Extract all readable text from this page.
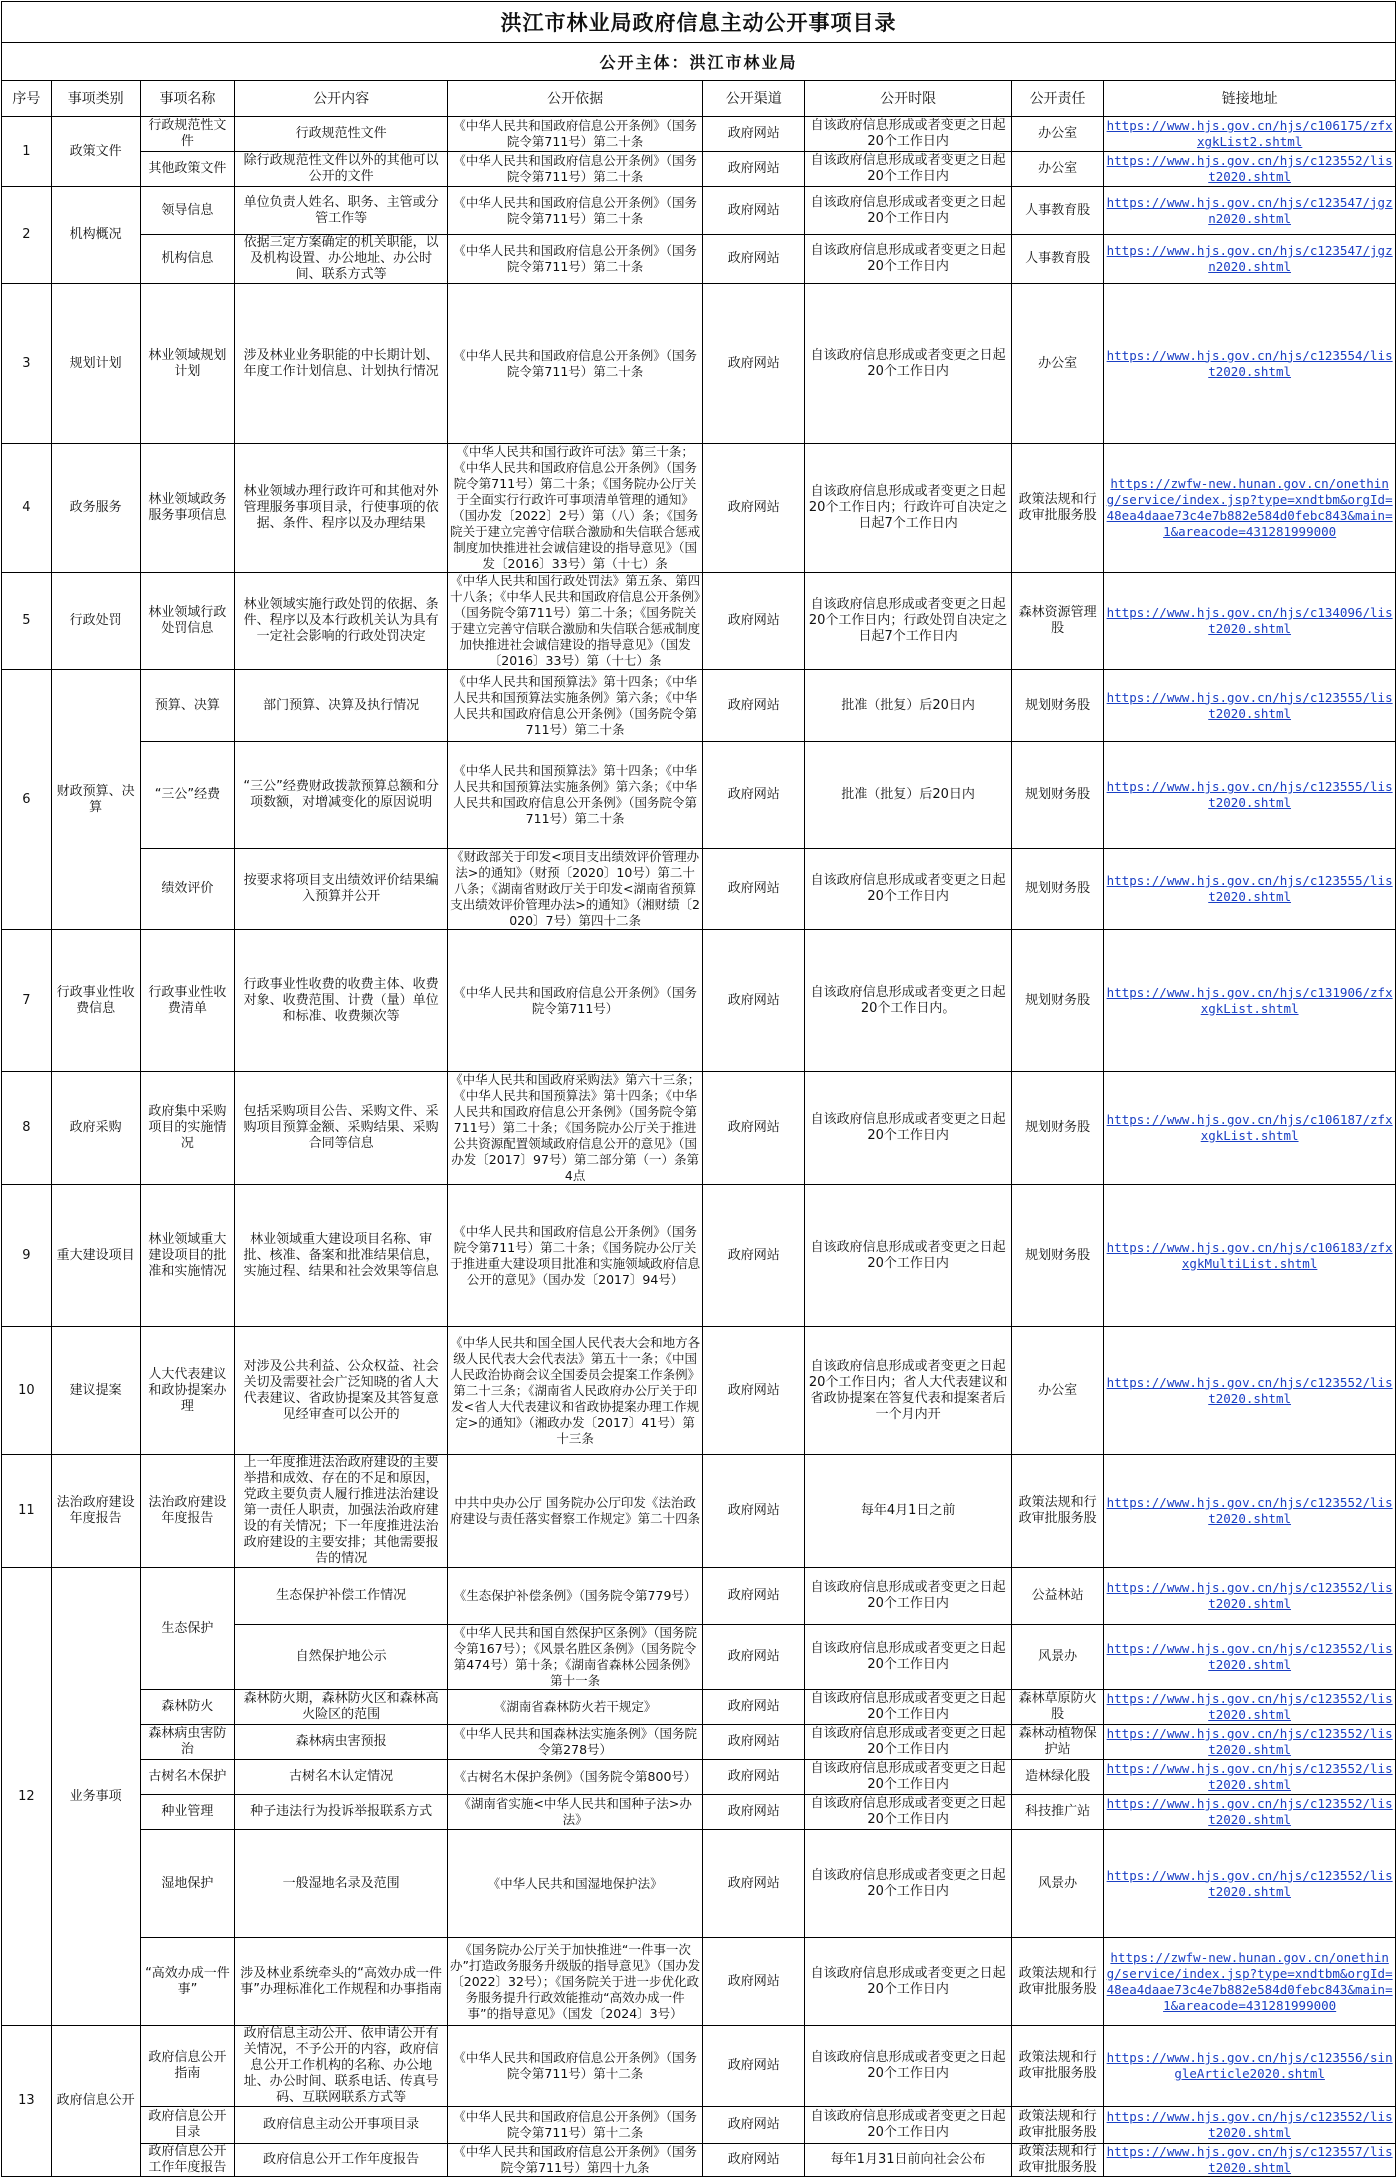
洪江市林业局政府信息主动公开事项目录
公开主体：洪江市林业局
序号	事项类别	事项名称	公开内容	公开依据	公开渠道	公开时限	公开责任	链接地址
1	政策文件	行政规范性文件	行政规范性文件	《中华人民共和国政府信息公开条例》（国务院令第711号）第二十条	政府网站	自该政府信息形成或者变更之日起20个工作日内	办公室	https://www.hjs.gov.cn/hjs/c106175/zfxxgkList2.shtml
		其他政策文件	除行政规范性文件以外的其他可以公开的文件	《中华人民共和国政府信息公开条例》（国务院令第711号）第二十条	政府网站	自该政府信息形成或者变更之日起20个工作日内	办公室	https://www.hjs.gov.cn/hjs/c123552/list2020.shtml
2	机构概况	领导信息	单位负责人姓名、职务、主管或分管工作等	《中华人民共和国政府信息公开条例》（国务院令第711号）第二十条	政府网站	自该政府信息形成或者变更之日起20个工作日内	人事教育股	https://www.hjs.gov.cn/hjs/c123547/jgzn2020.shtml
		机构信息	依据三定方案确定的机关职能，以及机构设置、办公地址、办公时间、联系方式等	《中华人民共和国政府信息公开条例》（国务院令第711号）第二十条	政府网站	自该政府信息形成或者变更之日起20个工作日内	人事教育股	https://www.hjs.gov.cn/hjs/c123547/jgzn2020.shtml
3	规划计划	林业领域规划计划	涉及林业业务职能的中长期计划、年度工作计划信息、计划执行情况	《中华人民共和国政府信息公开条例》（国务院令第711号）第二十条	政府网站	自该政府信息形成或者变更之日起20个工作日内	办公室	https://www.hjs.gov.cn/hjs/c123554/list2020.shtml
4	政务服务	林业领域政务服务事项信息	林业领域办理行政许可和其他对外管理服务事项目录，行使事项的依据、条件、程序以及办理结果	《中华人民共和国行政许可法》第三十条；《中华人民共和国政府信息公开条例》（国务院令第711号）第二十条；《国务院办公厅关于全面实行行政许可事项清单管理的通知》（国办发〔2022〕2号）第（八）条；《国务院关于建立完善守信联合激励和失信联合惩戒制度加快推进社会诚信建设的指导意见》（国发〔2016〕33号）第（十七）条	政府网站	自该政府信息形成或者变更之日起20个工作日内；行政许可自决定之日起7个工作日内	政策法规和行政审批服务股	https://zwfw-new.hunan.gov.cn/onething/service/index.jsp?type=xndtbm&orgId=48ea4daae73c4e7b882e584d0febc843&main=1&areacode=431281999000
5	行政处罚	林业领域行政处罚信息	林业领域实施行政处罚的依据、条件、程序以及本行政机关认为具有一定社会影响的行政处罚决定	《中华人民共和国行政处罚法》第五条、第四十八条；《中华人民共和国政府信息公开条例》（国务院令第711号）第二十条；《国务院关于建立完善守信联合激励和失信联合惩戒制度加快推进社会诚信建设的指导意见》（国发〔2016〕33号）第（十七）条	政府网站	自该政府信息形成或者变更之日起20个工作日内；行政处罚自决定之日起7个工作日内	森林资源管理股	https://www.hjs.gov.cn/hjs/c134096/list2020.shtml
6	财政预算、决算	预算、决算	部门预算、决算及执行情况	《中华人民共和国预算法》第十四条；《中华人民共和国预算法实施条例》第六条；《中华人民共和国政府信息公开条例》（国务院令第711号）第二十条	政府网站	批准（批复）后20日内	规划财务股	https://www.hjs.gov.cn/hjs/c123555/list2020.shtml
		“三公”经费	“三公”经费财政拨款预算总额和分项数额，对增减变化的原因说明	《中华人民共和国预算法》第十四条；《中华人民共和国预算法实施条例》第六条；《中华人民共和国政府信息公开条例》（国务院令第711号）第二十条	政府网站	批准（批复）后20日内	规划财务股	https://www.hjs.gov.cn/hjs/c123555/list2020.shtml
		绩效评价	按要求将项目支出绩效评价结果编入预算并公开	《财政部关于印发<项目支出绩效评价管理办法>的通知》（财预〔2020〕10号）第二十八条；《湖南省财政厅关于印发<湖南省预算支出绩效评价管理办法>的通知》（湘财绩〔2020〕7号）第四十二条	政府网站	自该政府信息形成或者变更之日起20个工作日内	规划财务股	https://www.hjs.gov.cn/hjs/c123555/list2020.shtml
7	行政事业性收费信息	行政事业性收费清单	行政事业性收费的收费主体、收费对象、收费范围、计费（量）单位和标准、收费频次等	《中华人民共和国政府信息公开条例》（国务院令第711号）	政府网站	自该政府信息形成或者变更之日起20个工作日内。	规划财务股	https://www.hjs.gov.cn/hjs/c131906/zfxxgkList.shtml
8	政府采购	政府集中采购项目的实施情况	包括采购项目公告、采购文件、采购项目预算金额、采购结果、采购合同等信息	《中华人民共和国政府采购法》第六十三条；《中华人民共和国预算法》第十四条；《中华人民共和国政府信息公开条例》（国务院令第711号）第二十条；《国务院办公厅关于推进公共资源配置领域政府信息公开的意见》（国办发〔2017〕97号）第二部分第（一）条第4点	政府网站	自该政府信息形成或者变更之日起20个工作日内	规划财务股	https://www.hjs.gov.cn/hjs/c106187/zfxxgkList.shtml
9	重大建设项目	林业领域重大建设项目的批准和实施情况	林业领域重大建设项目名称、审批、核准、备案和批准结果信息，实施过程、结果和社会效果等信息	《中华人民共和国政府信息公开条例》（国务院令第711号）第二十条；《国务院办公厅关于推进重大建设项目批准和实施领域政府信息公开的意见》（国办发〔2017〕94号）	政府网站	自该政府信息形成或者变更之日起20个工作日内	规划财务股	https://www.hjs.gov.cn/hjs/c106183/zfxxgkMultiList.shtml
10	建议提案	人大代表建议和政协提案办理	对涉及公共利益、公众权益、社会关切及需要社会广泛知晓的省人大代表建议、省政协提案及其答复意见经审查可以公开的	《中华人民共和国全国人民代表大会和地方各级人民代表大会代表法》第五十一条；《中国人民政治协商会议全国委员会提案工作条例》第二十三条；《湖南省人民政府办公厅关于印发<省人大代表建议和省政协提案办理工作规定>的通知》（湘政办发〔2017〕41号）第十三条	政府网站	自该政府信息形成或者变更之日起20个工作日内；省人大代表建议和省政协提案在答复代表和提案者后一个月内开	办公室	https://www.hjs.gov.cn/hjs/c123552/list2020.shtml
11	法治政府建设年度报告	法治政府建设年度报告	上一年度推进法治政府建设的主要举措和成效、存在的不足和原因，党政主要负责人履行推进法治建设第一责任人职责，加强法治政府建设的有关情况；下一年度推进法治政府建设的主要安排；其他需要报告的情况	中共中央办公厅 国务院办公厅印发《法治政府建设与责任落实督察工作规定》第二十四条	政府网站	每年4月1日之前	政策法规和行政审批服务股	https://www.hjs.gov.cn/hjs/c123552/list2020.shtml
12	业务事项	生态保护	生态保护补偿工作情况	《生态保护补偿条例》（国务院令第779号）	政府网站	自该政府信息形成或者变更之日起20个工作日内	公益林站	https://www.hjs.gov.cn/hjs/c123552/list2020.shtml
			自然保护地公示	《中华人民共和国自然保护区条例》（国务院令第167号）；《风景名胜区条例》（国务院令第474号）第十条；《湖南省森林公园条例》第十一条	政府网站	自该政府信息形成或者变更之日起20个工作日内	风景办	https://www.hjs.gov.cn/hjs/c123552/list2020.shtml
		森林防火	森林防火期，森林防火区和森林高火险区的范围	《湖南省森林防火若干规定》	政府网站	自该政府信息形成或者变更之日起20个工作日内	森林草原防火股	https://www.hjs.gov.cn/hjs/c123552/list2020.shtml
		森林病虫害防治	森林病虫害预报	《中华人民共和国森林法实施条例》（国务院令第278号）	政府网站	自该政府信息形成或者变更之日起20个工作日内	森林动植物保护站	https://www.hjs.gov.cn/hjs/c123552/list2020.shtml
		古树名木保护	古树名木认定情况	《古树名木保护条例》（国务院令第800号）	政府网站	自该政府信息形成或者变更之日起20个工作日内	造林绿化股	https://www.hjs.gov.cn/hjs/c123552/list2020.shtml
		种业管理	种子违法行为投诉举报联系方式	《湖南省实施<中华人民共和国种子法>办法》	政府网站	自该政府信息形成或者变更之日起20个工作日内	科技推广站	https://www.hjs.gov.cn/hjs/c123552/list2020.shtml
		湿地保护	一般湿地名录及范围	《中华人民共和国湿地保护法》	政府网站	自该政府信息形成或者变更之日起20个工作日内	风景办	https://www.hjs.gov.cn/hjs/c123552/list2020.shtml
		“高效办成一件事”	涉及林业系统牵头的“高效办成一件事”办理标准化工作规程和办事指南	《国务院办公厅关于加快推进“一件事一次办”打造政务服务升级版的指导意见》（国办发〔2022〕32号）；《国务院关于进一步优化政务服务提升行政效能推动“高效办成一件事”的指导意见》（国发〔2024〕3号）	政府网站	自该政府信息形成或者变更之日起20个工作日内	政策法规和行政审批服务股	https://zwfw-new.hunan.gov.cn/onething/service/index.jsp?type=xndtbm&orgId=48ea4daae73c4e7b882e584d0febc843&main=1&areacode=431281999000
13	政府信息公开	政府信息公开指南	政府信息主动公开、依申请公开有关情况，不予公开的内容，政府信息公开工作机构的名称、办公地址、办公时间、联系电话、传真号码、互联网联系方式等	《中华人民共和国政府信息公开条例》（国务院令第711号）第十二条	政府网站	自该政府信息形成或者变更之日起20个工作日内	政策法规和行政审批服务股	https://www.hjs.gov.cn/hjs/c123556/singleArticle2020.shtml
		政府信息公开目录	政府信息主动公开事项目录	《中华人民共和国政府信息公开条例》（国务院令第711号）第十二条	政府网站	自该政府信息形成或者变更之日起20个工作日内	政策法规和行政审批服务股	https://www.hjs.gov.cn/hjs/c123552/list2020.shtml
		政府信息公开工作年度报告	政府信息公开工作年度报告	《中华人民共和国政府信息公开条例》（国务院令第711号）第四十九条	政府网站	每年1月31日前向社会公布	政策法规和行政审批服务股	https://www.hjs.gov.cn/hjs/c123557/list2020.shtml
